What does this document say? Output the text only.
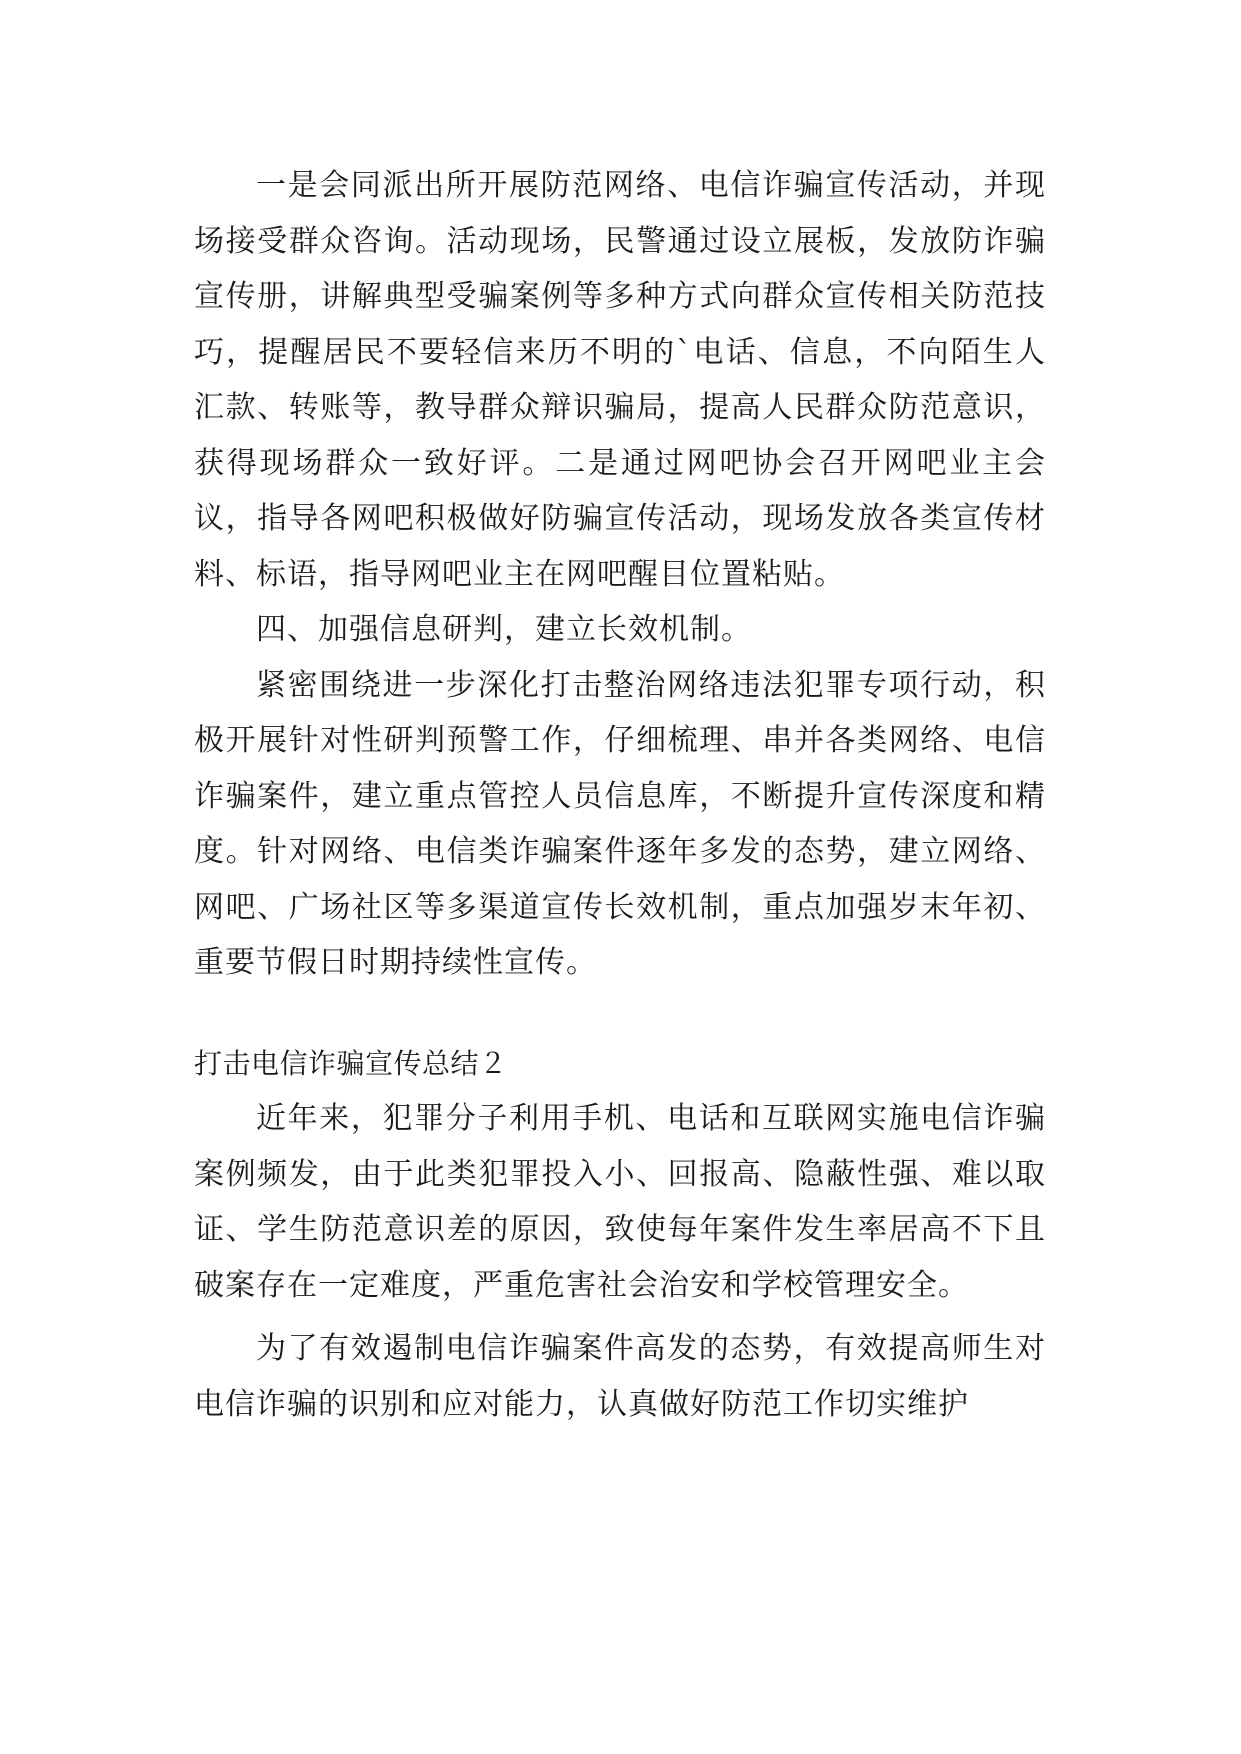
一是会同派出所开展防范网络、电信诈骗宣传活动，并现场接受群众咨询。活动现场，民警通过设立展板，发放防诈骗宣传册，讲解典型受骗案例等多种方式向群众宣传相关防范技巧，提醒居民不要轻信来历不明的`电话、信息，不向陌生人汇款、转账等，教导群众辩识骗局，提高人民群众防范意识，获得现场群众一致好评。二是通过网吧协会召开网吧业主会议，指导各网吧积极做好防骗宣传活动，现场发放各类宣传材料、标语，指导网吧业主在网吧醒目位置粘贴。

四、加强信息研判，建立长效机制。

紧密围绕进一步深化打击整治网络违法犯罪专项行动，积极开展针对性研判预警工作，仔细梳理、串并各类网络、电信诈骗案件，建立重点管控人员信息库，不断提升宣传深度和精度。针对网络、电信类诈骗案件逐年多发的态势，建立网络、网吧、广场社区等多渠道宣传长效机制，重点加强岁末年初、重要节假日时期持续性宣传。

打击电信诈骗宣传总结２

近年来，犯罪分子利用手机、电话和互联网实施电信诈骗案例频发，由于此类犯罪投入小、回报高、隐蔽性强、难以取证、学生防范意识差的原因，致使每年案件发生率居高不下且破案存在一定难度，严重危害社会治安和学校管理安全。

为了有效遏制电信诈骗案件高发的态势，有效提高师生对电信诈骗的识别和应对能力，认真做好防范工作切实维护
